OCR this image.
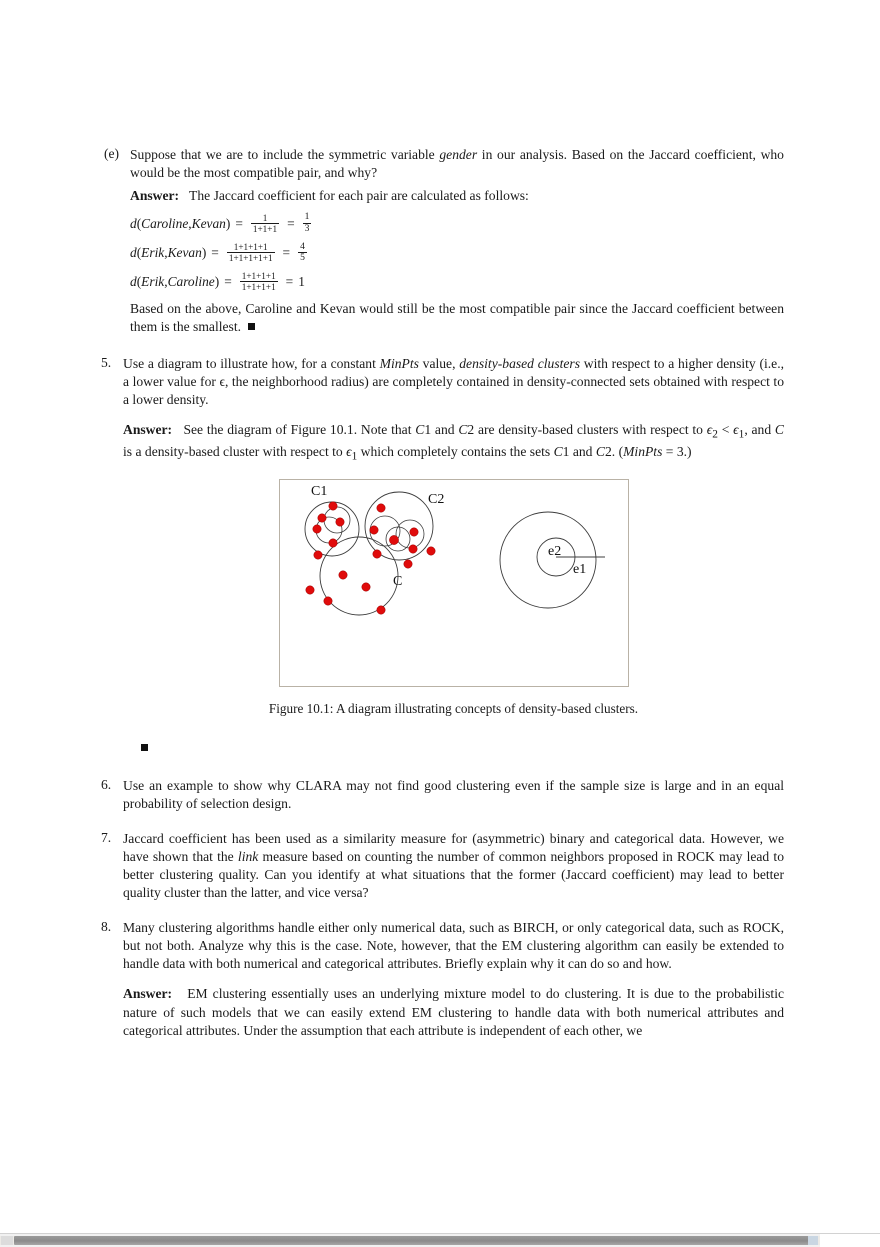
(e) Suppose that we are to include the symmetric variable gender in our analysis. Based on the Jaccard coefficient, who would be the most compatible pair, and why?

Answer: The Jaccard coefficient for each pair are calculated as follows:

d ( Caroline , Kevan ) = $\frac{1}{1+1+1} = \frac{1}{3}$
d ( Erik , Kevan ) = $\frac{1+1+1+1}{1+1+1+1+1} = \frac{4}{5}$
d ( Erik , Caroline ) = $\frac{1+1+1+1}{1+1+1+1} = 1$

Based on the above, Caroline and Kevan would still be the most compatible pair since the Jaccard coefficient between them is the smallest.

5. Use a diagram to illustrate how, for a constant MinPts value, density-based clusters with respect to a higher density (i.e., a lower value for ϵ, the neighborhood radius) are completely contained in density-connected sets obtained with respect to a lower density.

Answer: See the diagram of Figure 10.1. Note that C1 and C2 are density-based clusters with respect to $\epsilon_2 < \epsilon_1$, and C is a density-based cluster with respect to $\epsilon_1$ which completely contains the sets C1 and C2. (MinPts = 3.)

C1
C2
C
e2
e1
Figure 10.1: A diagram illustrating concepts of density-based clusters.
6. Use an example to show why CLARA may not find good clustering even if the sample size is large and in an equal probability of selection design.

7. Jaccard coefficient has been used as a similarity measure for (asymmetric) binary and categorical data. However, we have shown that the link measure based on counting the number of common neighbors proposed in ROCK may lead to better clustering quality. Can you identify at what situations that the former (Jaccard coefficient) may lead to better quality cluster than the latter, and vice versa?

8. Many clustering algorithms handle either only numerical data, such as BIRCH, or only categorical data, such as ROCK, but not both. Analyze why this is the case. Note, however, that the EM clustering algorithm can easily be extended to handle data with both numerical and categorical attributes. Briefly explain why it can do so and how.

Answer: EM clustering essentially uses an underlying mixture model to do clustering. It is due to the probabilistic nature of such models that we can easily extend EM clustering to handle data with both numerical attributes and categorical attributes. Under the assumption that each attribute is independent of each other, we
